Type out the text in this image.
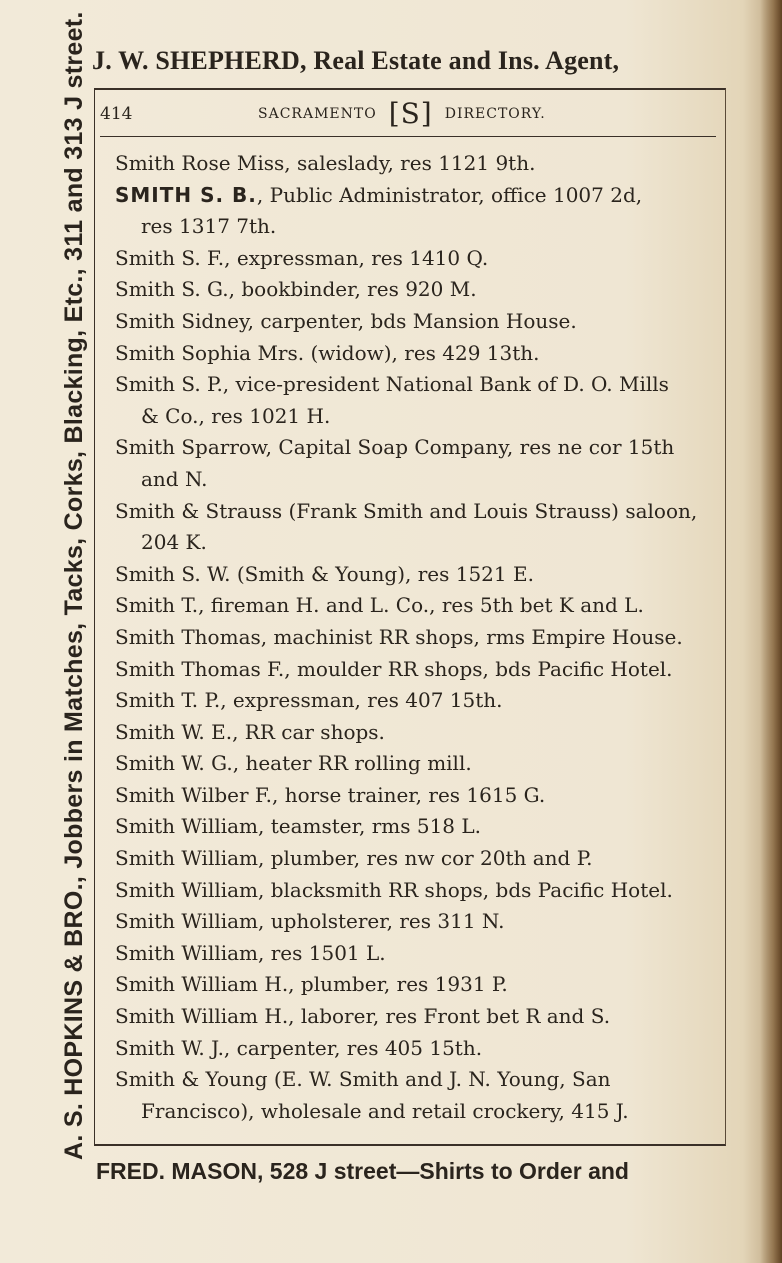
J. W. SHEPHERD, Real Estate and Ins. Agent,
A. S. HOPKINS & BRO., Jobbers in Matches, Tacks, Corks, Blacking, Etc., 311 and 313 J street. 414	SACRAMENTO [S] DIRECTORY.
Smith Rose Miss, saleslady, res 1121 9th.
SMITH S. B., Public Administrator, office 1007 2d,
res 1317 7th.
Smith S. F., expressman, res 1410 Q.
Smith S. G., bookbinder, res 920 M.
Smith Sidney, carpenter, bds Mansion House.
Smith Sophia Mrs. (widow), res 429 13th.
Smith S. P., vice-president National Bank of D. O. Mills
& Co., res 1021 H.
Smith Sparrow, Capital Soap Company, res ne cor 15th
and N.
Smith & Strauss (Frank Smith and Louis Strauss) saloon,
204 K.
Smith S. W. (Smith & Young), res 1521 E.
Smith T., fireman H. and L. Co., res 5th bet K and L.
Smith Thomas, machinist RR shops, rms Empire House.
Smith Thomas F., moulder RR shops, bds Pacific Hotel.
Smith T. P., expressman, res 407 15th.
Smith W. E., RR car shops.
Smith W. G., heater RR rolling mill.
Smith Wilber F., horse trainer, res 1615 G.
Smith William, teamster, rms 518 L.
Smith William, plumber, res nw cor 20th and P.
Smith William, blacksmith RR shops, bds Pacific Hotel.
Smith William, upholsterer, res 311 N.
Smith William, res 1501 L.
Smith William H., plumber, res 1931 P.
Smith William H., laborer, res Front bet R and S.
Smith W. J., carpenter, res 405 15th.
Smith & Young (E. W. Smith and J. N. Young, San
Francisco), wholesale and retail crockery, 415 J.
FRED. MASON, 528 J street—Shirts to Order and
